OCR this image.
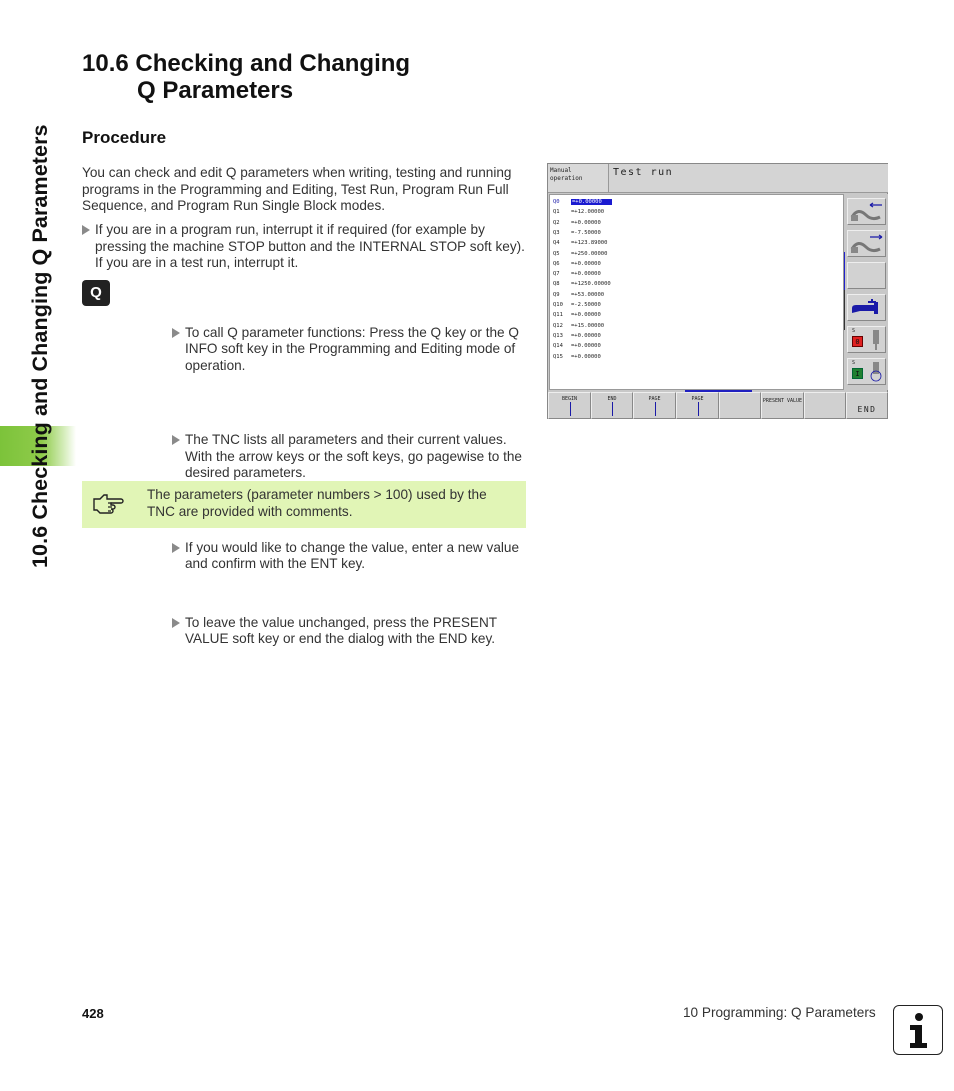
10.6 Checking and Changing Q Parameters
10.6 Checking and Changing
Q Parameters
Procedure
You can check and edit Q parameters when writing, testing and running programs in the Programming and Editing, Test Run, Program Run Full Sequence, and Program Run Single Block modes.
If you are in a program run, interrupt it if required (for example by pressing the machine STOP button and the INTERNAL STOP soft key). If you are in a test run, interrupt it.
Q
To call Q parameter functions: Press the Q key or the Q INFO soft key in the Programming and Editing mode of operation.
The TNC lists all parameters and their current values. With the arrow keys or the soft keys, go pagewise to the desired parameters.
If you would like to change the value, enter a new value and confirm with the ENT key.
To leave the value unchanged, press the PRESENT VALUE soft key or end the dialog with the END key.
The parameters (parameter numbers > 100) used by the TNC are provided with comments.
Manual operation
Test run
Q0 =+0.00000
Q1 =+12.00000
Q2 =+0.00000
Q3 =-7.50000
Q4 =+123.89000
Q5 =+250.00000
Q6 =+0.00000
Q7 =+0.00000
Q8 =+1250.00000
Q9 =+53.00000
Q10 =-2.50000
Q11 =+0.00000
Q12 =+15.00000
Q13 =+0.00000
Q14 =+0.00000
Q15 =+0.00000
S
0
S
I
BEGIN	END	PAGE	PAGE	PRESENT VALUE
END
428	10 Programming: Q Parameters
